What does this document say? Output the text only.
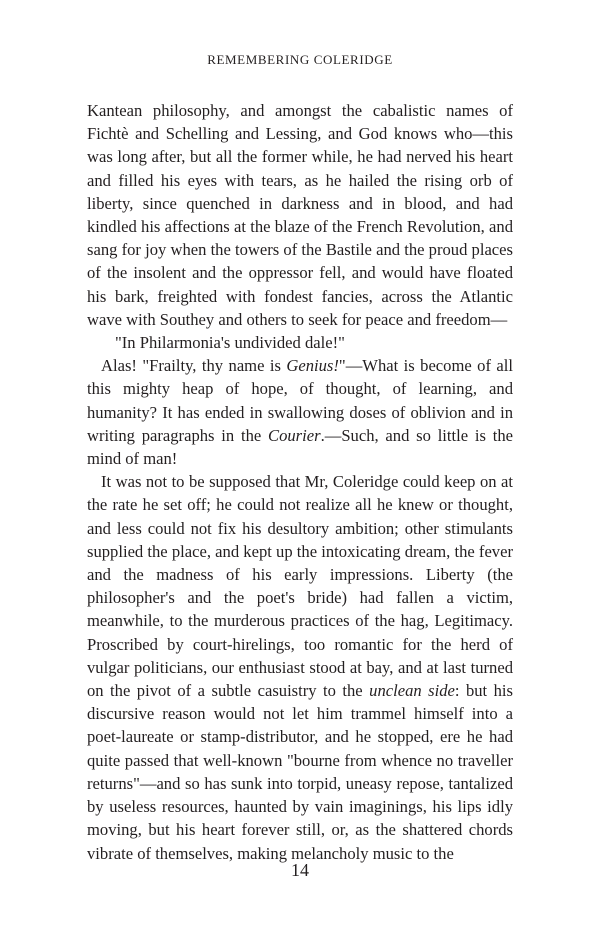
REMEMBERING COLERIDGE

Kantean philosophy, and amongst the cabalistic names of Fichtè and Schelling and Lessing, and God knows who—this was long after, but all the former while, he had nerved his heart and filled his eyes with tears, as he hailed the rising orb of liberty, since quenched in darkness and in blood, and had kindled his affections at the blaze of the French Revolution, and sang for joy when the towers of the Bastile and the proud places of the insolent and the oppressor fell, and would have floated his bark, freighted with fondest fancies, across the Atlantic wave with Southey and others to seek for peace and freedom—

"In Philarmonia's undivided dale!"

Alas! "Frailty, thy name is Genius!"—What is become of all this mighty heap of hope, of thought, of learning, and humanity? It has ended in swallowing doses of oblivion and in writing paragraphs in the Courier.—Such, and so little is the mind of man!

It was not to be supposed that Mr, Coleridge could keep on at the rate he set off; he could not realize all he knew or thought, and less could not fix his desultory ambition; other stimulants supplied the place, and kept up the intoxicating dream, the fever and the madness of his early impressions. Liberty (the philosopher's and the poet's bride) had fallen a victim, meanwhile, to the murderous practices of the hag, Legitimacy. Proscribed by court-hirelings, too romantic for the herd of vulgar politicians, our enthusiast stood at bay, and at last turned on the pivot of a subtle casuistry to the unclean side: but his discursive reason would not let him trammel himself into a poet-laureate or stamp-distributor, and he stopped, ere he had quite passed that well-known "bourne from whence no traveller returns"—and so has sunk into torpid, uneasy repose, tantalized by useless resources, haunted by vain imaginings, his lips idly moving, but his heart forever still, or, as the shattered chords vibrate of themselves, making melancholy music to the

14
